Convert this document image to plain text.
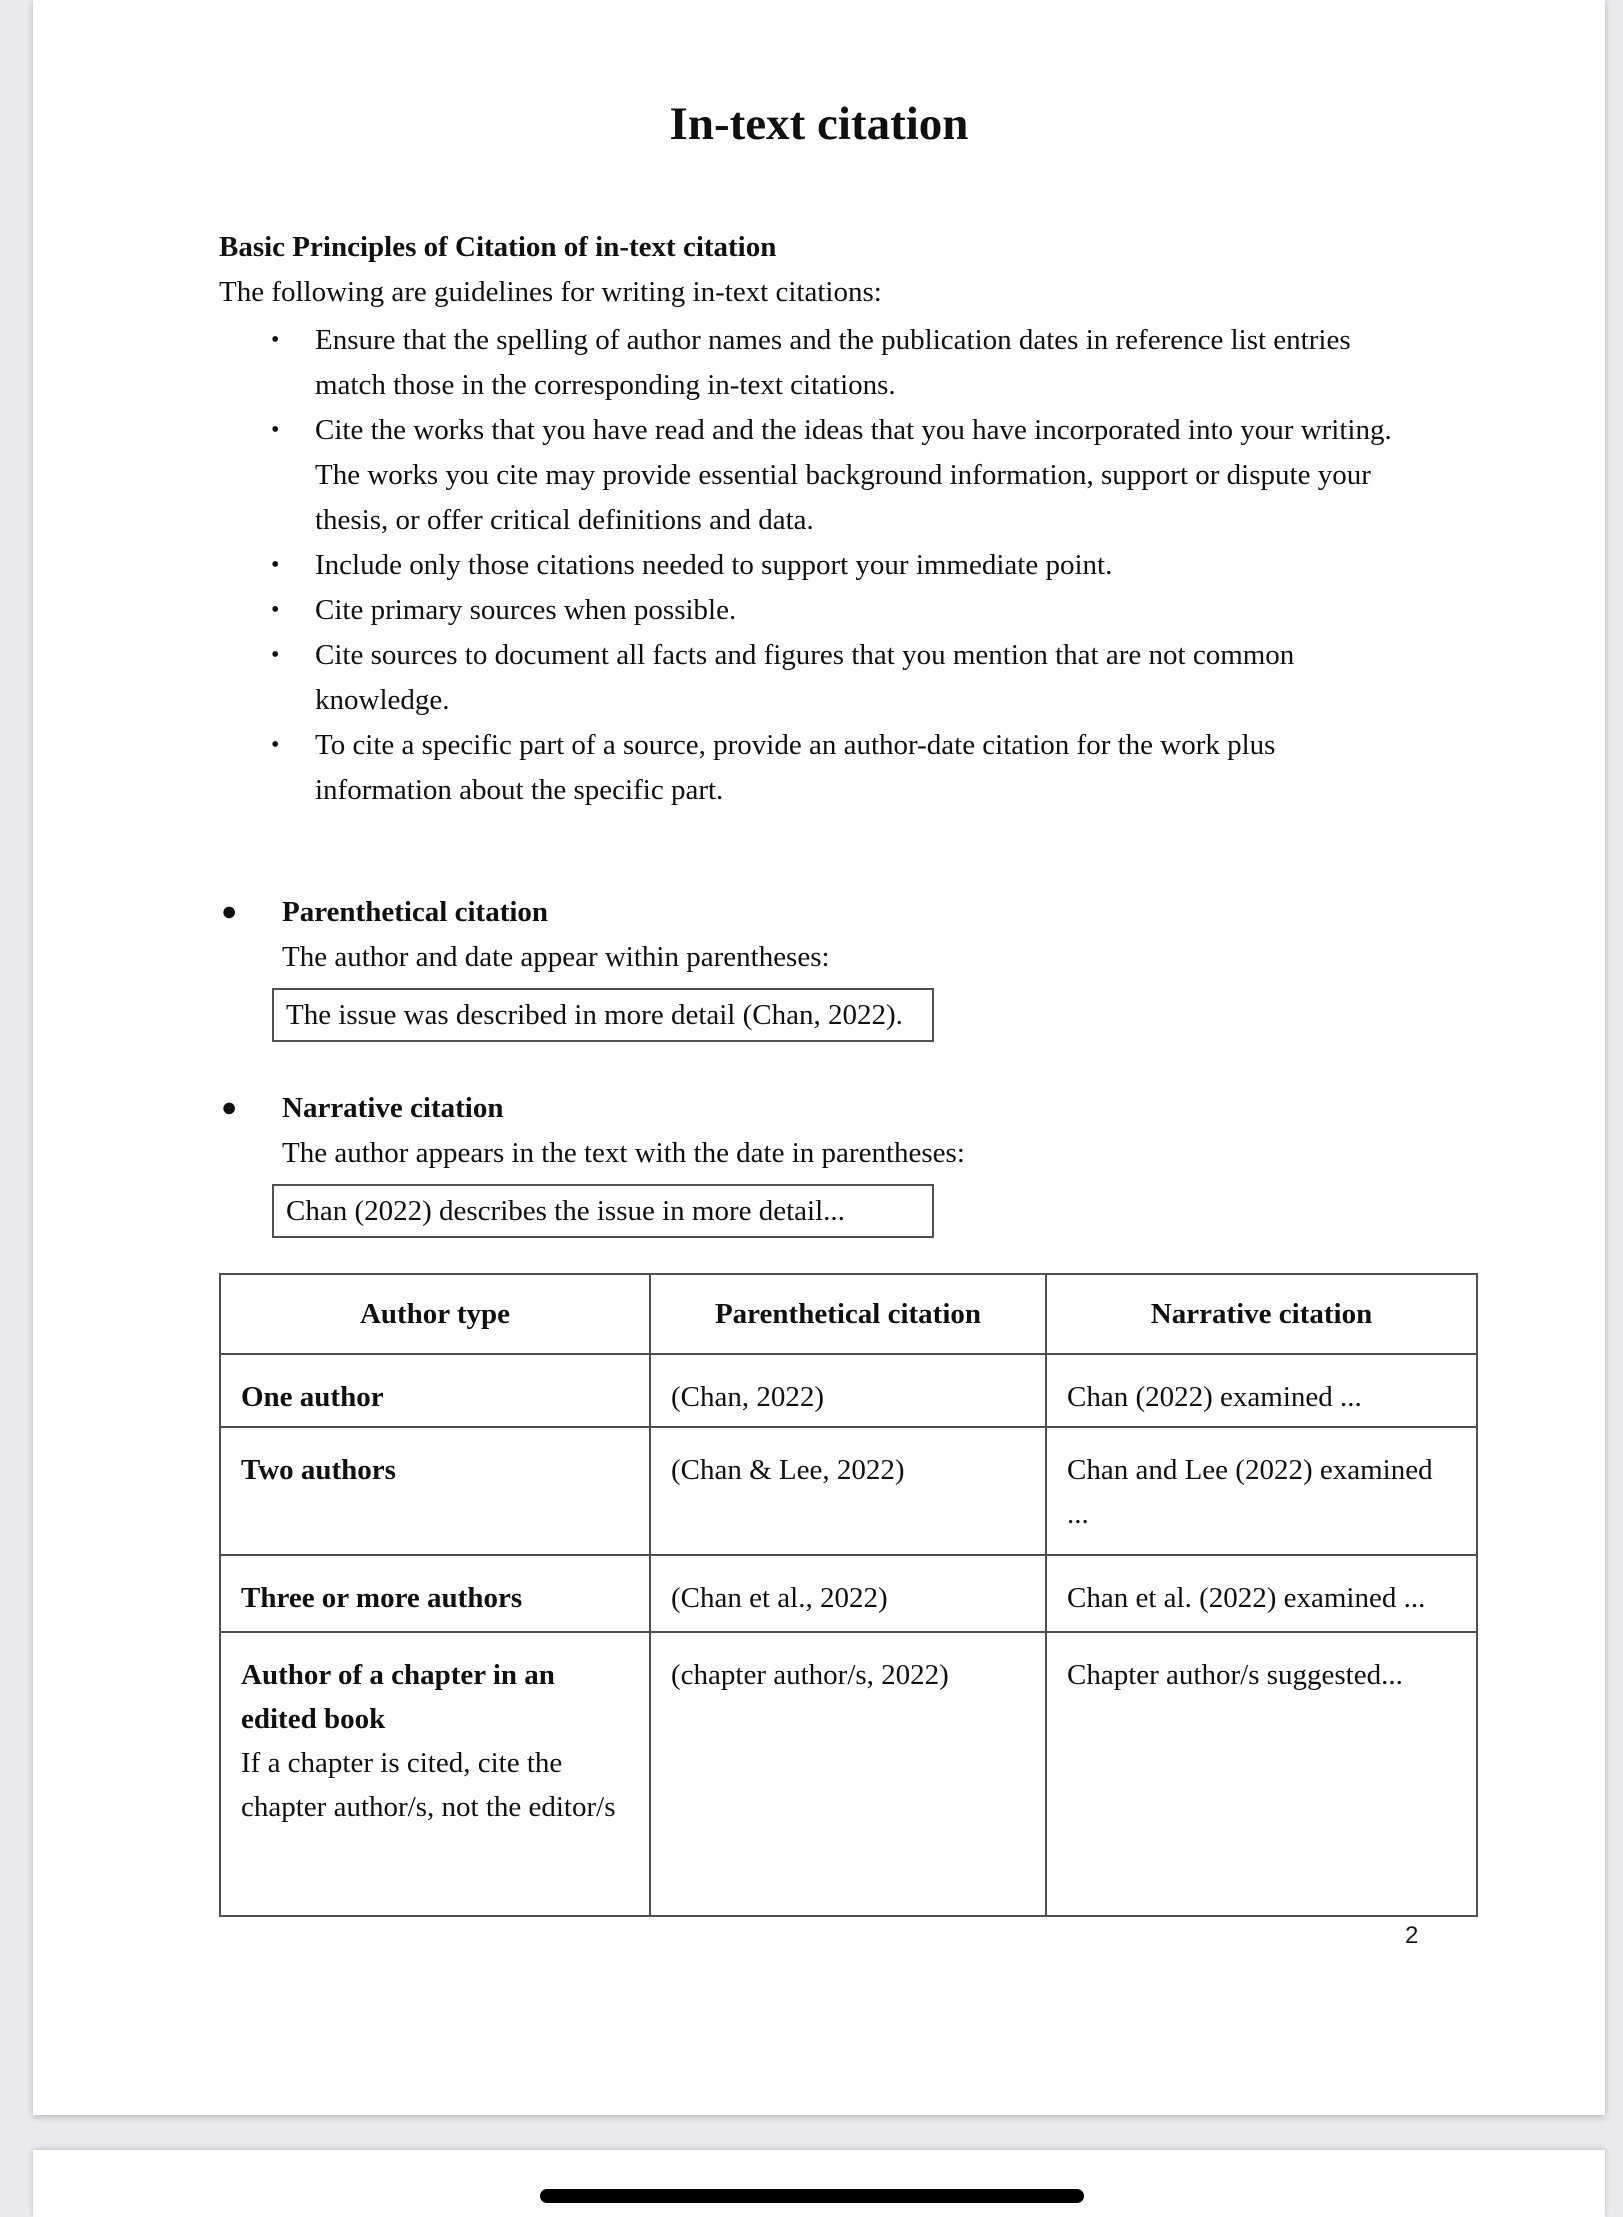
In-text citation
Basic Principles of Citation of in-text citation
The following are guidelines for writing in-text citations:
• Ensure that the spelling of author names and the publication dates in reference list entries match those in the corresponding in-text citations.
• Cite the works that you have read and the ideas that you have incorporated into your writing. The works you cite may provide essential background information, support or dispute your thesis, or offer critical definitions and data.
• Include only those citations needed to support your immediate point.
• Cite primary sources when possible.
• Cite sources to document all facts and figures that you mention that are not common knowledge.
• To cite a specific part of a source, provide an author-date citation for the work plus information about the specific part.
● Parenthetical citation
The author and date appear within parentheses:
The issue was described in more detail (Chan, 2022).
● Narrative citation
The author appears in the text with the date in parentheses:
Chan (2022) describes the issue in more detail...
Author type	Parenthetical citation	Narrative citation
One author	(Chan, 2022)	Chan (2022) examined ...
Two authors	(Chan & Lee, 2022)	Chan and Lee (2022) examined ...
Three or more authors	(Chan et al., 2022)	Chan et al. (2022) examined ...

Author of a chapter in an edited book
If a chapter is cited, cite the chapter author/s, not the editor/s	(chapter author/s, 2022)	Chapter author/s suggested...
2
